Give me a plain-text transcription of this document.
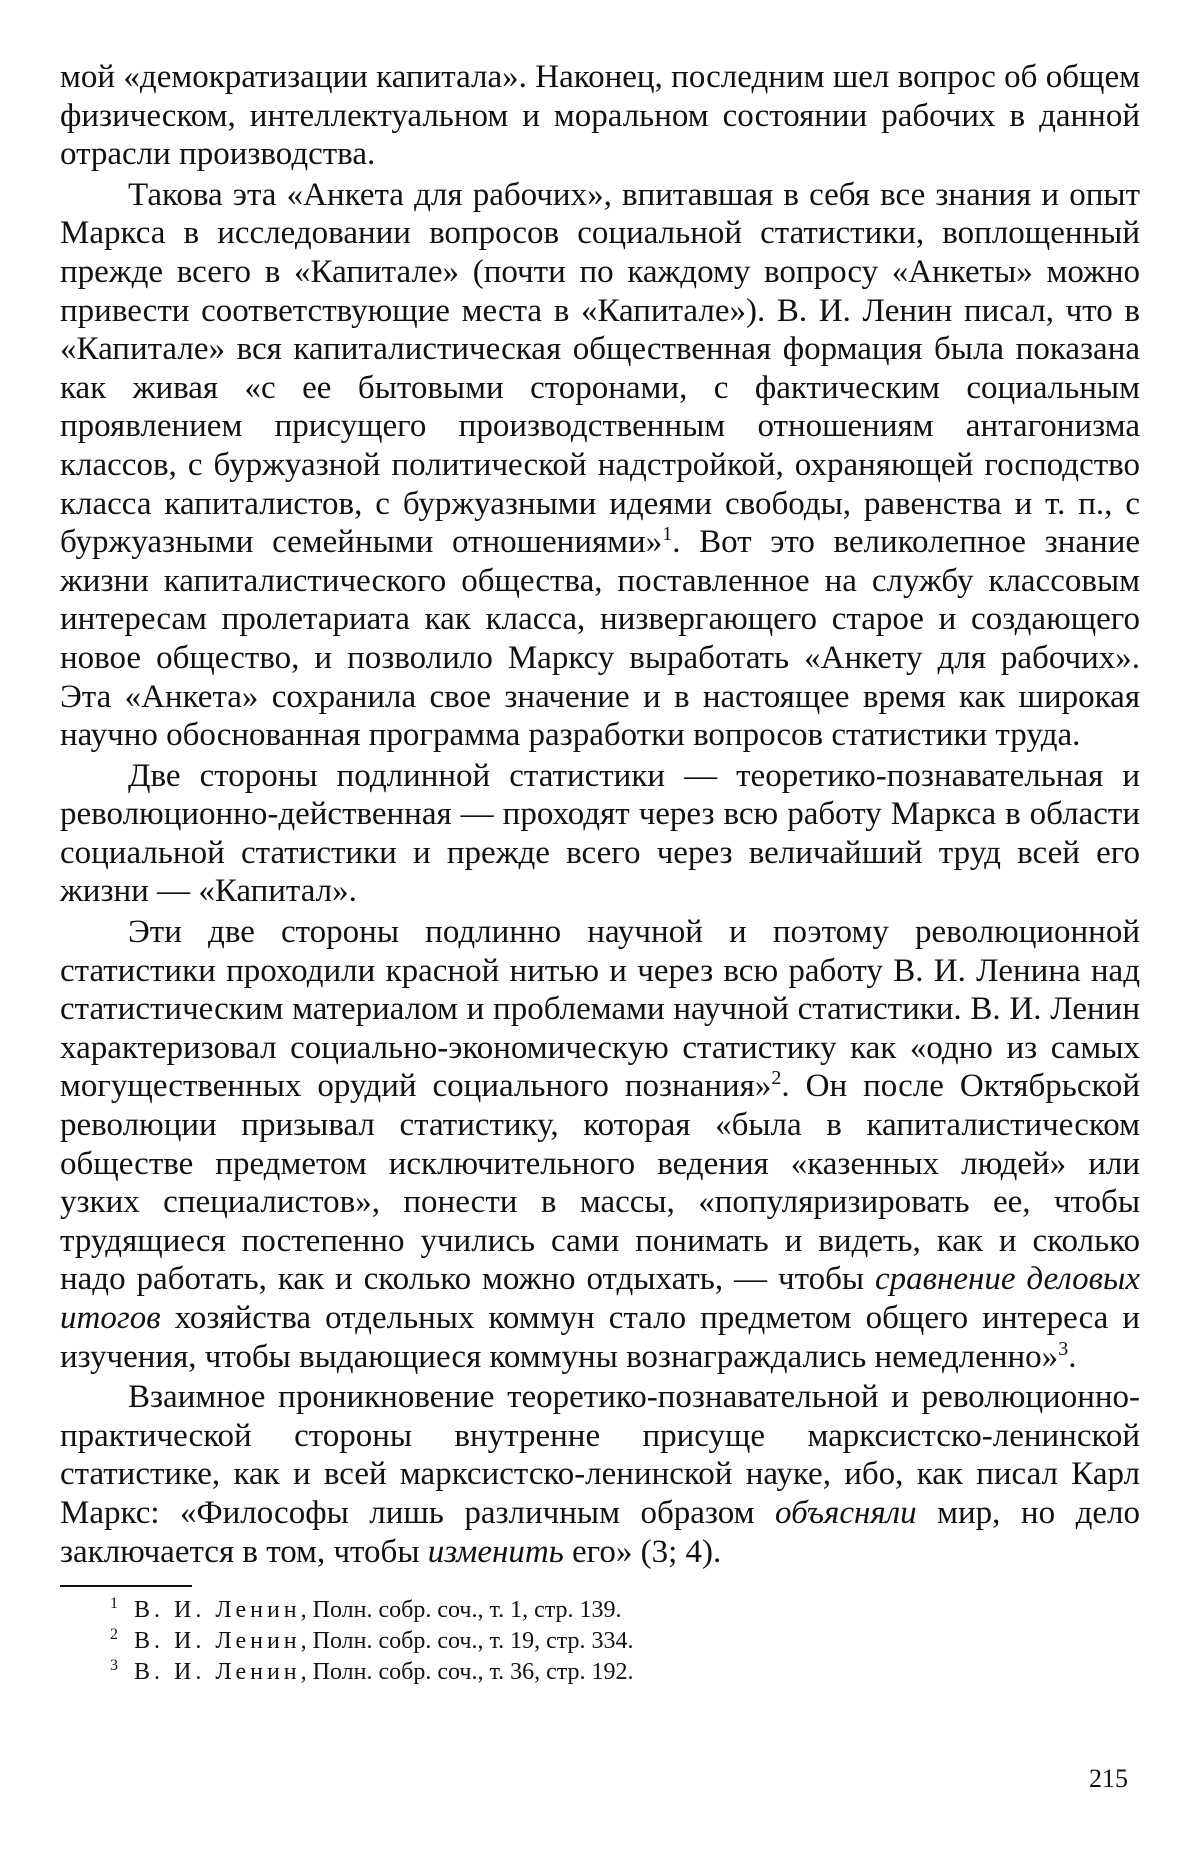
мой «демократизации капитала». Наконец, последним шел вопрос об общем физическом, интеллектуальном и моральном состоянии рабочих в данной отрасли производства.

Такова эта «Анкета для рабочих», впитавшая в себя все знания и опыт Маркса в исследовании вопросов социальной статистики, воплощенный прежде всего в «Капитале» (почти по каждому вопросу «Анкеты» можно привести соответствующие места в «Капитале»). В. И. Ленин писал, что в «Капитале» вся капиталистическая общественная формация была показана как живая «с ее бытовыми сторонами, с фактическим социальным проявлением присущего производственным отношениям антагонизма классов, с буржуазной политической надстройкой, охраняющей господство класса капиталистов, с буржуазными идеями свободы, равенства и т. п., с буржуазными семейными отношениями»$^1$. Вот это великолепное знание жизни капиталистического общества, поставленное на службу классовым интересам пролетариата как класса, низвергающего старое и создающего новое общество, и позволило Марксу выработать «Анкету для рабочих». Эта «Анкета» сохранила свое значение и в настоящее время как широкая научно обоснованная программа разработки вопросов статистики труда.

Две стороны подлинной статистики — теоретико-познавательная и революционно-действенная — проходят через всю работу Маркса в области социальной статистики и прежде всего через величайший труд всей его жизни — «Капитал».

Эти две стороны подлинно научной и поэтому революционной статистики проходили красной нитью и через всю работу В. И. Ленина над статистическим материалом и проблемами научной статистики. В. И. Ленин характеризовал социально-экономическую статистику как «одно из самых могущественных орудий социального познания»$^2$. Он после Октябрьской революции призывал статистику, которая «была в капиталистическом обществе предметом исключительного ведения «казенных людей» или узких специалистов», понести в массы, «популяризировать ее, чтобы трудящиеся постепенно учились сами понимать и видеть, как и сколько надо работать, как и сколько можно отдыхать, — чтобы сравнение деловых итогов хозяйства отдельных коммун стало предметом общего интереса и изучения, чтобы выдающиеся коммуны вознаграждались немедленно»$^3$.

Взаимное проникновение теоретико-познавательной и революционно-практической стороны внутренне присуще марксистско-ленинской статистике, как и всей марксистско-ленинской науке, ибо, как писал Карл Маркс: «Философы лишь различным образом объясняли мир, но дело заключается в том, чтобы изменить его» (3; 4).

1 В. И. Ленин, Полн. собр. соч., т. 1, стр. 139.

2 В. И. Ленин, Полн. собр. соч., т. 19, стр. 334.

3 В. И. Ленин, Полн. собр. соч., т. 36, стр. 192.

215
